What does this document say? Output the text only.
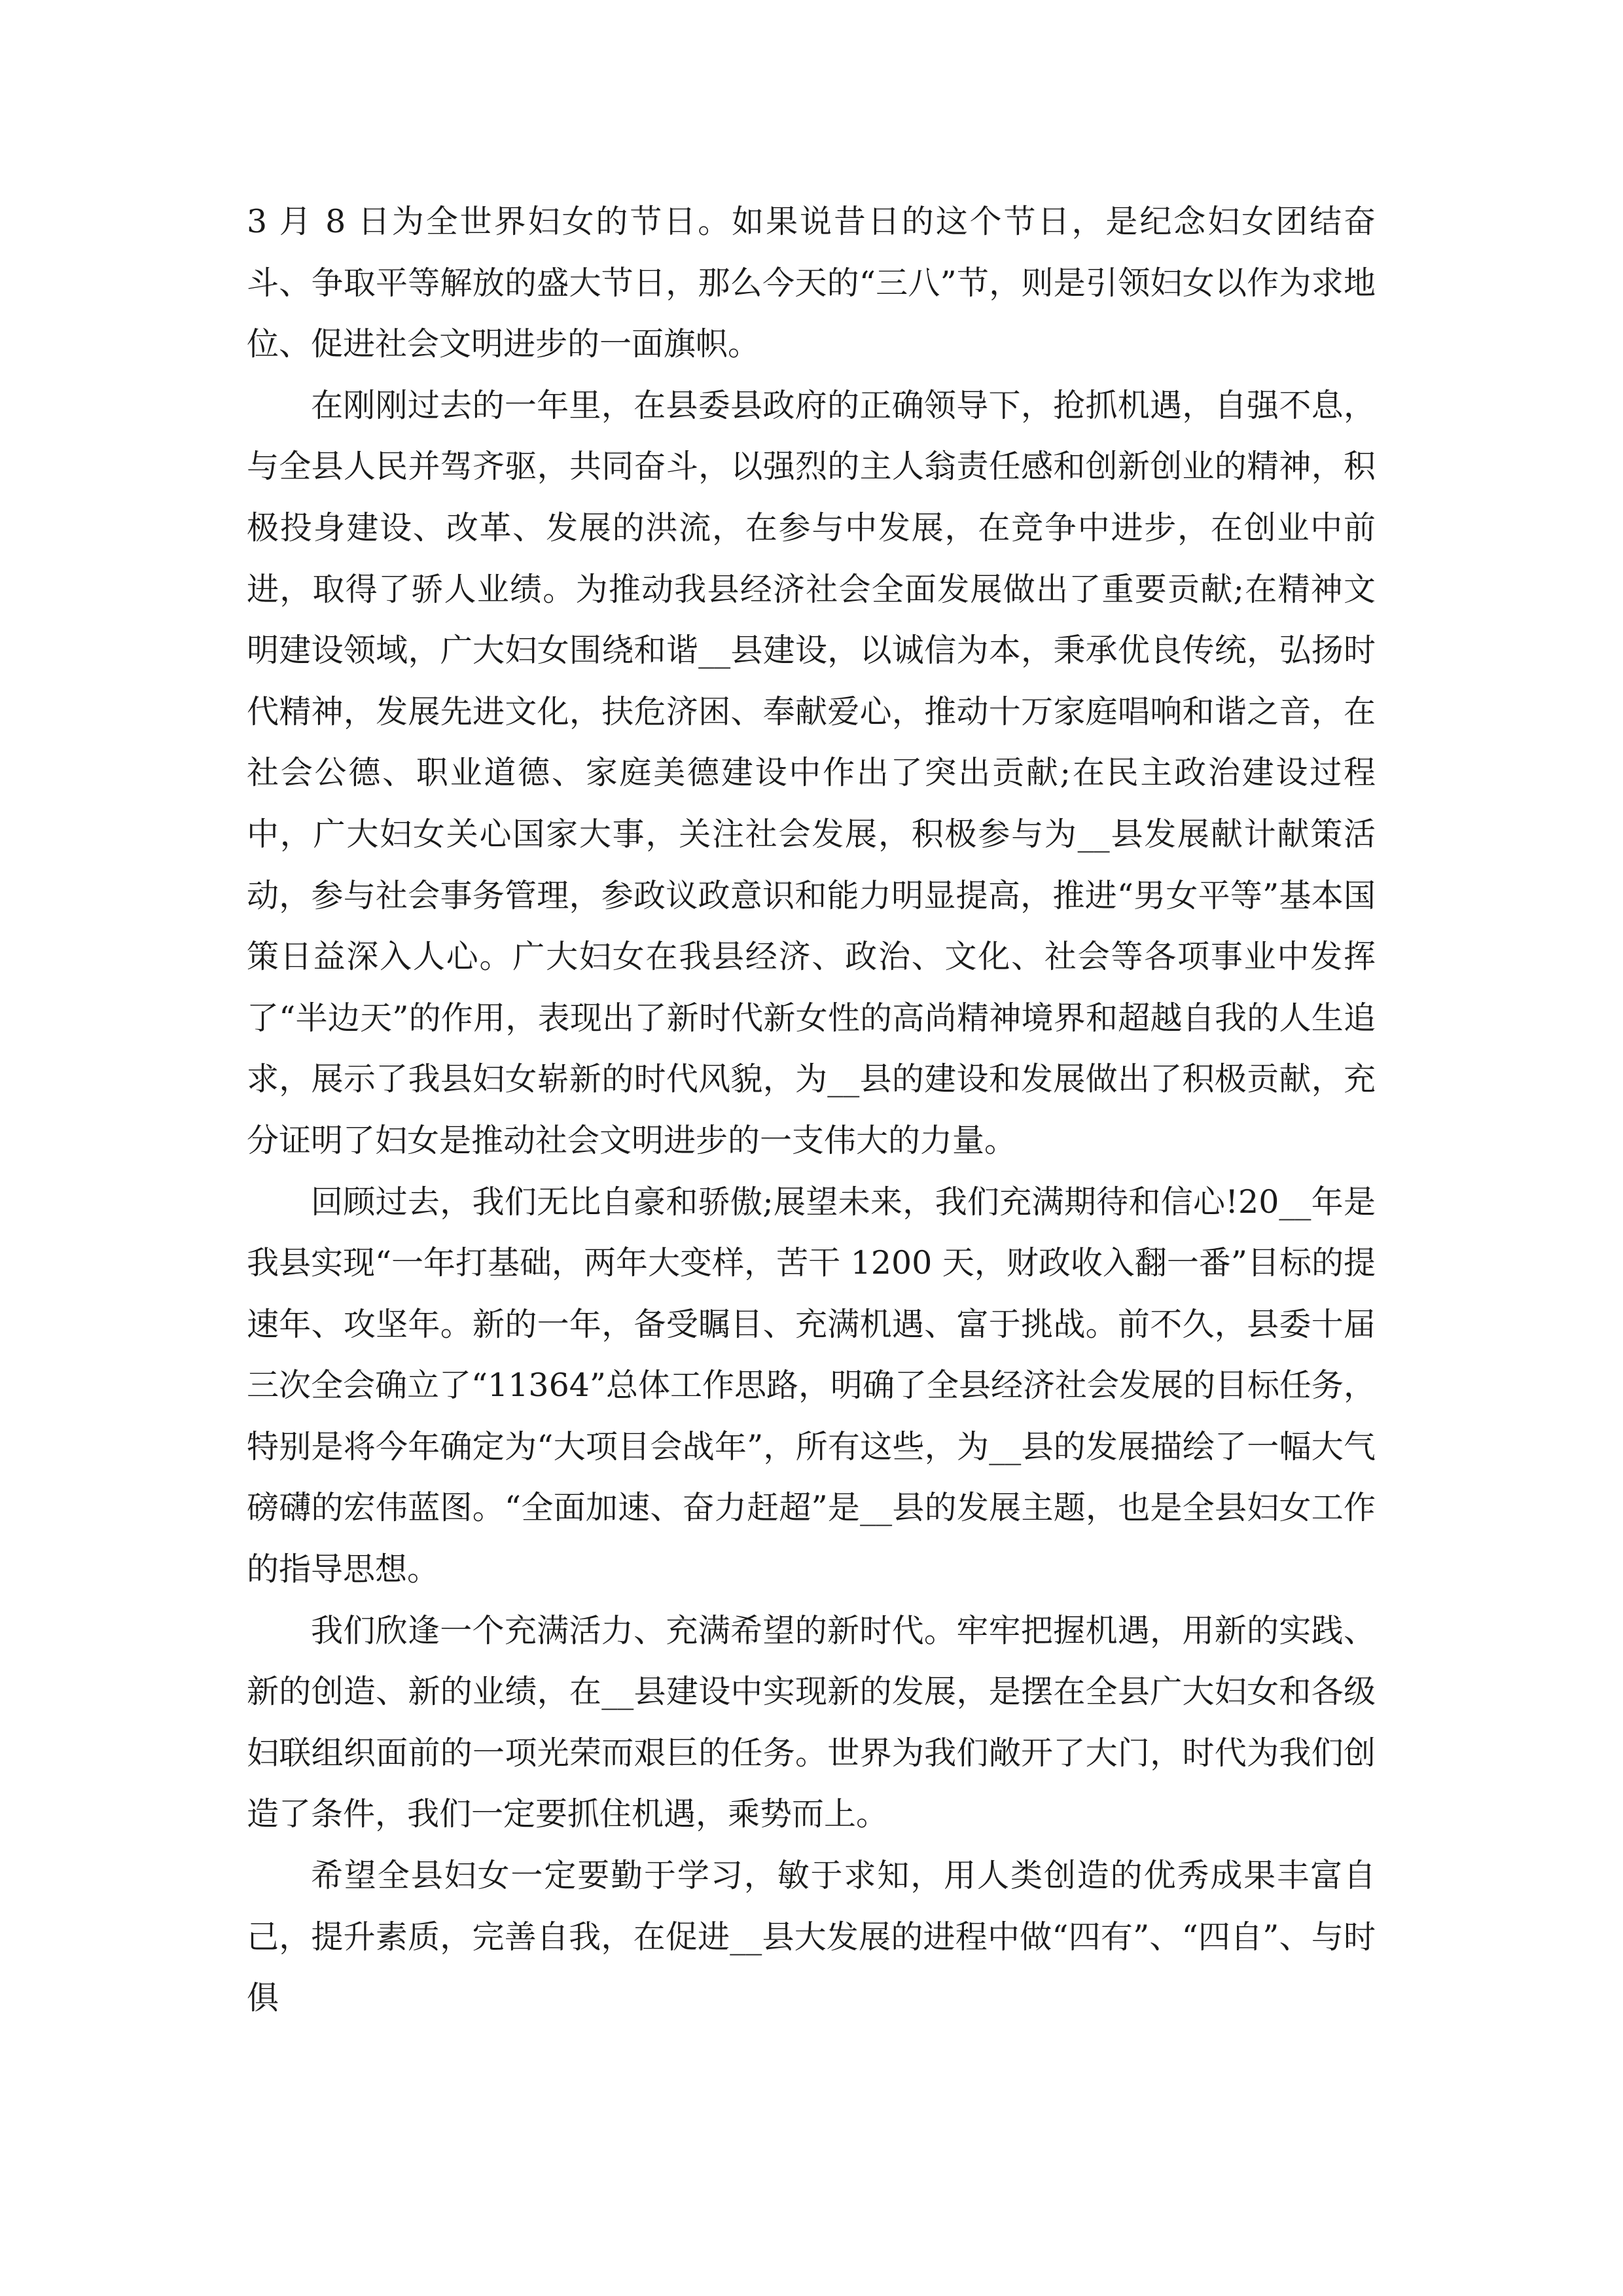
3 月 8 日为全世界妇女的节日。如果说昔日的这个节日，是纪念妇女团结奋斗、争取平等解放的盛大节日，那么今天的“三八”节，则是引领妇女以作为求地位、促进社会文明进步的一面旗帜。

在刚刚过去的一年里，在县委县政府的正确领导下，抢抓机遇，自强不息，与全县人民并驾齐驱，共同奋斗，以强烈的主人翁责任感和创新创业的精神，积极投身建设、改革、发展的洪流，在参与中发展，在竞争中进步，在创业中前进，取得了骄人业绩。为推动我县经济社会全面发展做出了重要贡献;在精神文明建设领域，广大妇女围绕和谐__县建设，以诚信为本，秉承优良传统，弘扬时代精神，发展先进文化，扶危济困、奉献爱心，推动十万家庭唱响和谐之音，在社会公德、职业道德、家庭美德建设中作出了突出贡献;在民主政治建设过程中，广大妇女关心国家大事，关注社会发展，积极参与为__县发展献计献策活动，参与社会事务管理，参政议政意识和能力明显提高，推进“男女平等”基本国策日益深入人心。广大妇女在我县经济、政治、文化、社会等各项事业中发挥了“半边天”的作用，表现出了新时代新女性的高尚精神境界和超越自我的人生追求，展示了我县妇女崭新的时代风貌，为__县的建设和发展做出了积极贡献，充分证明了妇女是推动社会文明进步的一支伟大的力量。

回顾过去，我们无比自豪和骄傲;展望未来，我们充满期待和信心!20__年是我县实现“一年打基础，两年大变样，苦干 1200 天，财政收入翻一番”目标的提速年、攻坚年。新的一年，备受瞩目、充满机遇、富于挑战。前不久，县委十届三次全会确立了“11364”总体工作思路，明确了全县经济社会发展的目标任务，特别是将今年确定为“大项目会战年”，所有这些，为__县的发展描绘了一幅大气磅礴的宏伟蓝图。“全面加速、奋力赶超”是__县的发展主题，也是全县妇女工作的指导思想。

我们欣逢一个充满活力、充满希望的新时代。牢牢把握机遇，用新的实践、新的创造、新的业绩，在__县建设中实现新的发展，是摆在全县广大妇女和各级妇联组织面前的一项光荣而艰巨的任务。世界为我们敞开了大门，时代为我们创造了条件，我们一定要抓住机遇，乘势而上。

希望全县妇女一定要勤于学习，敏于求知，用人类创造的优秀成果丰富自己，提升素质，完善自我，在促进__县大发展的进程中做“四有”、“四自”、与时俱
